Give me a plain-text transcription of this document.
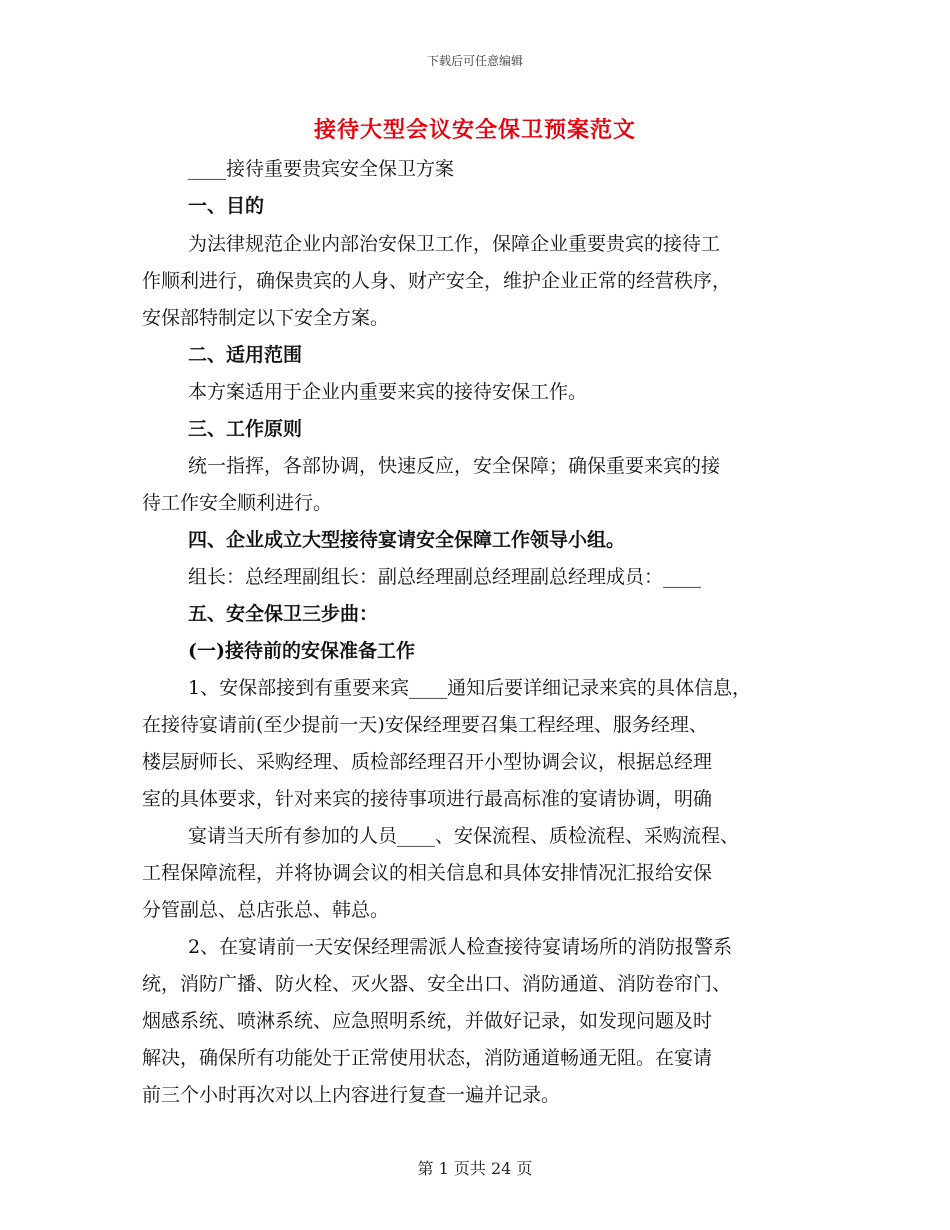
下载后可任意编辑
接待大型会议安全保卫预案范文
____接待重要贵宾安全保卫方案
一、目的
为法律规范企业内部治安保卫工作，保障企业重要贵宾的接待工
作顺利进行，确保贵宾的人身、财产安全，维护企业正常的经营秩序，
安保部特制定以下安全方案。
二、适用范围
本方案适用于企业内重要来宾的接待安保工作。
三、工作原则
统一指挥，各部协调，快速反应，安全保障；确保重要来宾的接
待工作安全顺利进行。
四、企业成立大型接待宴请安全保障工作领导小组。
组长：总经理副组长：副总经理副总经理副总经理成员：____
五、安全保卫三步曲：
(一)接待前的安保准备工作
1、安保部接到有重要来宾____通知后要详细记录来宾的具体信息，
在接待宴请前(至少提前一天)安保经理要召集工程经理、服务经理、
楼层厨师长、采购经理、质检部经理召开小型协调会议，根据总经理
室的具体要求，针对来宾的接待事项进行最高标准的宴请协调，明确
宴请当天所有参加的人员____、安保流程、质检流程、采购流程、
工程保障流程，并将协调会议的相关信息和具体安排情况汇报给安保
分管副总、总店张总、韩总。
2、在宴请前一天安保经理需派人检查接待宴请场所的消防报警系
统，消防广播、防火栓、灭火器、安全出口、消防通道、消防卷帘门、
烟感系统、喷淋系统、应急照明系统，并做好记录，如发现问题及时
解决，确保所有功能处于正常使用状态，消防通道畅通无阻。在宴请
前三个小时再次对以上内容进行复查一遍并记录。
第 1 页共 24 页
